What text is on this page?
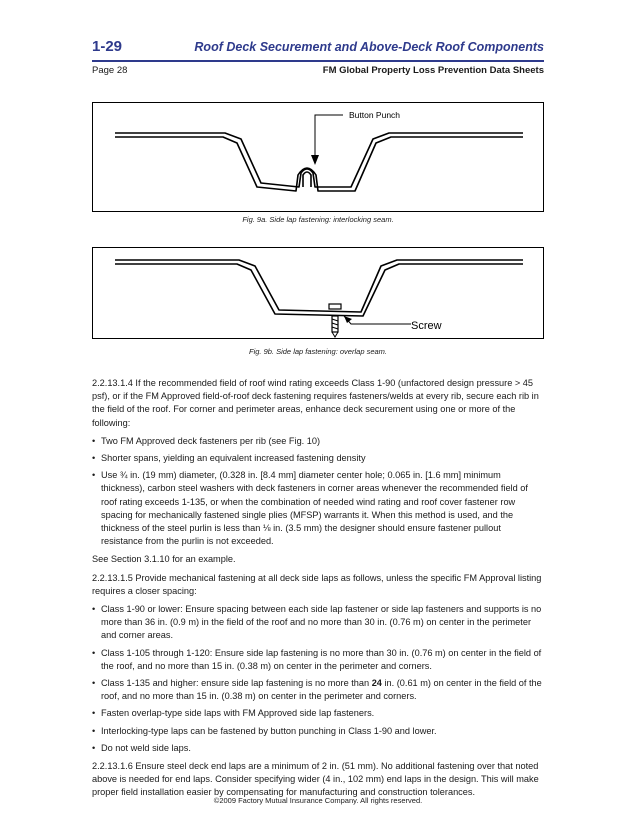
1-29	Roof Deck Securement and Above-Deck Roof Components
Page 28	FM Global Property Loss Prevention Data Sheets
Button Punch
Fig. 9a. Side lap fastening: interlocking seam.
Screw
Fig. 9b. Side lap fastening: overlap seam.

2.2.13.1.4 If the recommended field of roof wind rating exceeds Class 1-90 (unfactored design pressure > 45 psf), or if the FM Approved field-of-roof deck fastening requires fasteners/welds at every rib, secure each rib in the field of the roof. For corner and perimeter areas, enhance deck securement using one or more of the following:

• Two FM Approved deck fasteners per rib (see Fig. 10)
• Shorter spans, yielding an equivalent increased fastening density
• Use ¾ in. (19 mm) diameter, (0.328 in. [8.4 mm] diameter center hole; 0.065 in. [1.6 mm] minimum thickness), carbon steel washers with deck fasteners in corner areas whenever the recommended field of roof rating exceeds 1-135, or when the combination of needed wind rating and roof cover fastener row spacing for mechanically fastened single plies (MFSP) warrants it. When this method is used, and the thickness of the steel purlin is less than ⅛ in. (3.5 mm) the designer should ensure fastener pullout resistance from the purlin is not exceeded.

See Section 3.1.10 for an example.

2.2.13.1.5 Provide mechanical fastening at all deck side laps as follows, unless the specific FM Approval listing requires a closer spacing:

• Class 1-90 or lower: Ensure spacing between each side lap fastener or side lap fasteners and supports is no more than 36 in. (0.9 m) in the field of the roof and no more than 30 in. (0.76 m) on center in the perimeter and corner areas.
• Class 1-105 through 1-120: Ensure side lap fastening is no more than 30 in. (0.76 m) on center in the field of the roof, and no more than 15 in. (0.38 m) on center in the perimeter and corners.
• Class 1-135 and higher: ensure side lap fastening is no more than 24 in. (0.61 m) on center in the field of the roof, and no more than 15 in. (0.38 m) on center in the perimeter and corners.
• Fasten overlap-type side laps with FM Approved side lap fasteners.
• Interlocking-type laps can be fastened by button punching in Class 1-90 and lower.
• Do not weld side laps.

2.2.13.1.6 Ensure steel deck end laps are a minimum of 2 in. (51 mm). No additional fastening over that noted above is needed for end laps. Consider specifying wider (4 in., 102 mm) end laps in the design. This will make proper field installation easier by compensating for manufacturing and construction tolerances.

©2009 Factory Mutual Insurance Company. All rights reserved.
